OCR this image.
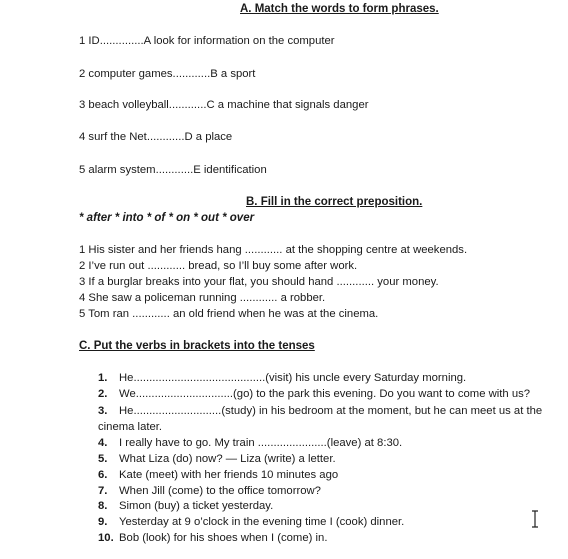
A. Match the words to form phrases.
1 ID..............A look for information on the computer
2 computer games............B a sport
3 beach volleyball............C a machine that signals danger
4 surf the Net............D a place
5 alarm system............E identification
B. Fill in the correct preposition.
* after * into * of * on * out * over
1 His sister and her friends hang ............ at the shopping centre at weekends.
2 I’ve run out ............ bread, so I’ll buy some after work.
3 If a burglar breaks into your flat, you should hand ............ your money.
4 She saw a policeman running ............ a robber.
5 Tom ran ............ an old friend when he was at the cinema.
C. Put the verbs in brackets into the tenses
1. He..........................................(visit) his uncle every Saturday morning.
2. We...............................(go) to the park this evening. Do you want to come with us?
3. He............................(study) in his bedroom at the moment, but he can meet us at the cinema later.
4. I really have to go. My train ......................(leave) at 8:30.
5. What Liza (do) now? — Liza (write) a letter.
6. Kate (meet) with her friends 10 minutes ago
7. When Jill (come) to the office tomorrow?
8. Simon (buy) a ticket yesterday.
9. Yesterday at 9 o’clock in the evening time I (cook) dinner.
10. Bob (look) for his shoes when I (come) in.
